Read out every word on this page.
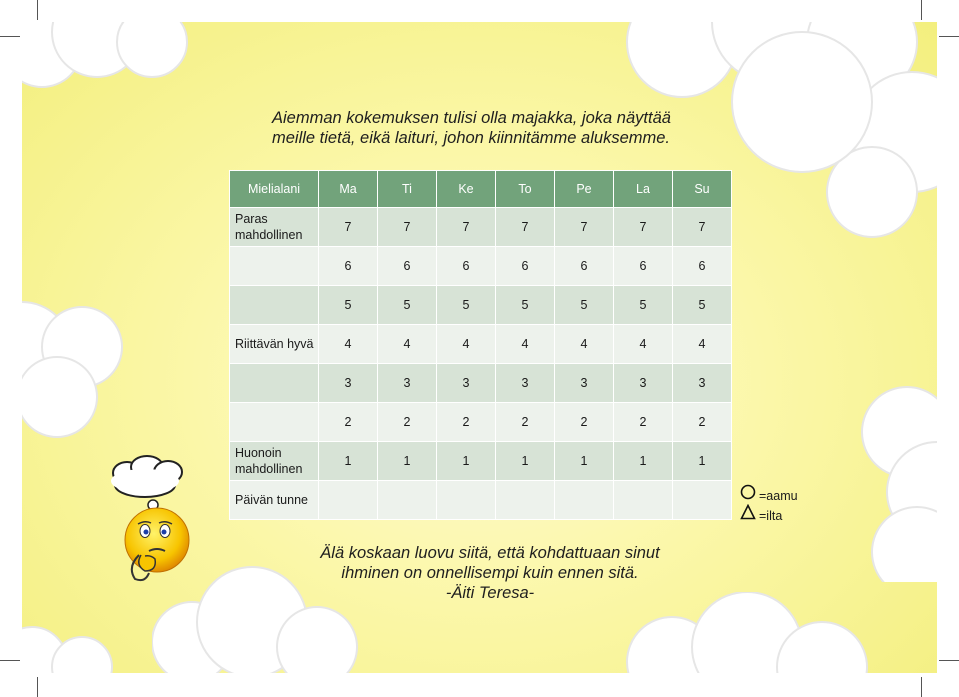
Aiemman kokemuksen tulisi olla majakka, joka näyttää
meille tietä, eikä laituri, johon kiinnitämme aluksemme.
Mielialani	Ma	Ti	Ke	To	Pe	La	Su
Paras mahdollinen	7	7	7	7	7	7	7
	6	6	6	6	6	6	6
	5	5	5	5	5	5	5
Riittävän hyvä	4	4	4	4	4	4	4
	3	3	3	3	3	3	3
	2	2	2	2	2	2	2
Huonoin mahdollinen	1	1	1	1	1	1	1
Päivän tunne								=aamu
=ilta
Älä koskaan luovu siitä, että kohdattuaan sinut
ihminen on onnellisempi kuin ennen sitä.
-Äiti Teresa-
